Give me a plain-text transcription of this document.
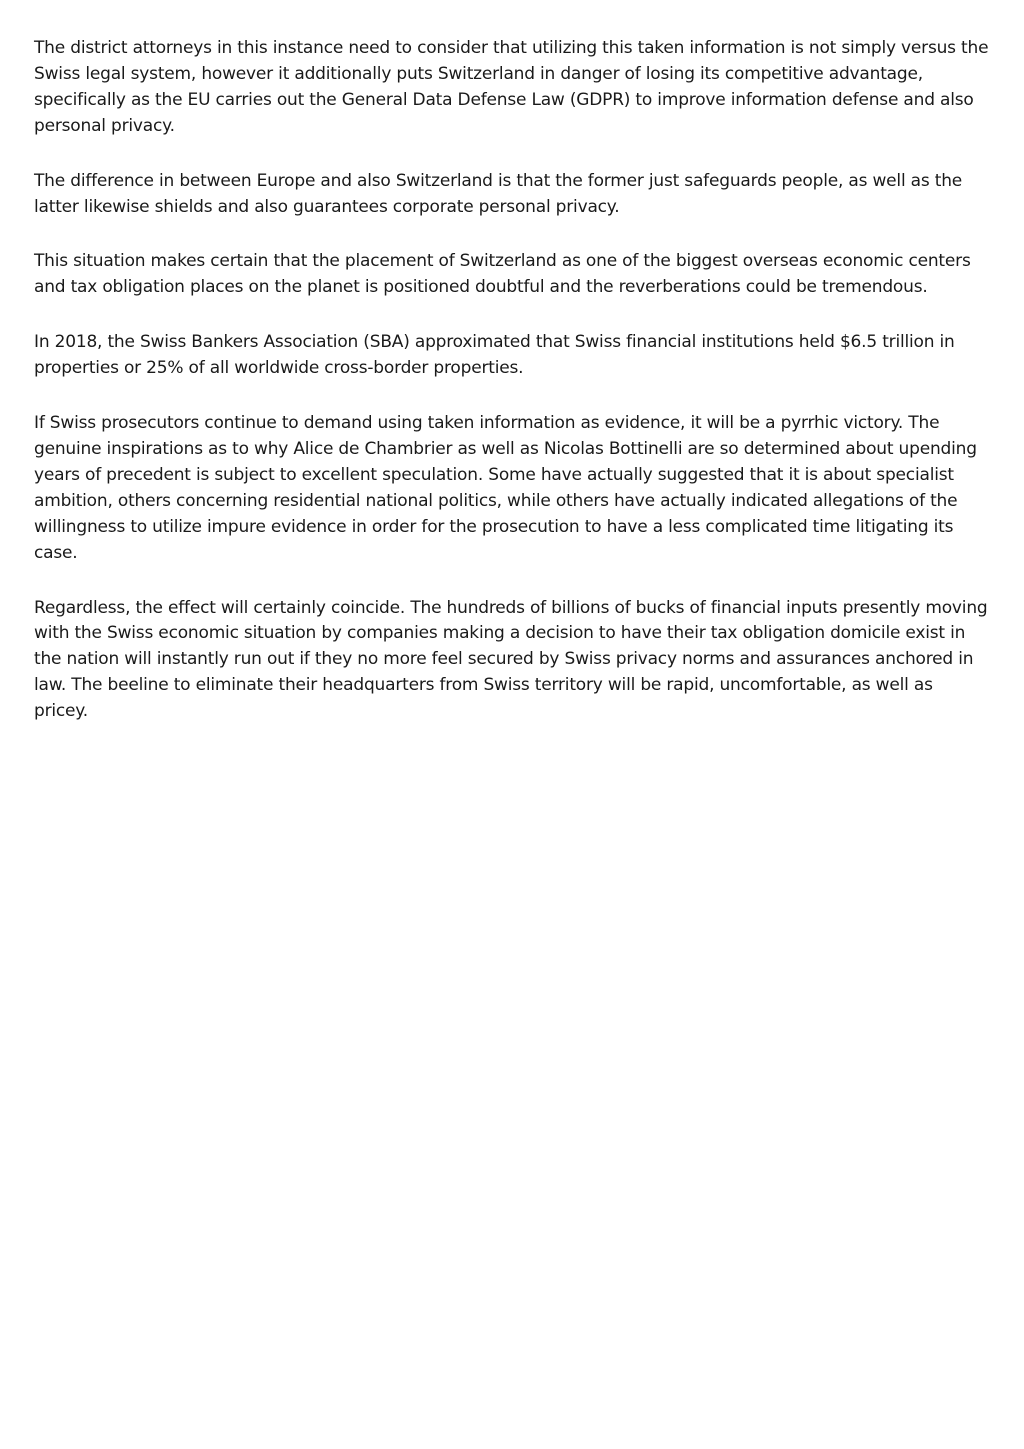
The district attorneys in this instance need to consider that utilizing this taken information is not simply versus the Swiss legal system, however it additionally puts Switzerland in danger of losing its competitive advantage, specifically as the EU carries out the General Data Defense Law (GDPR) to improve information defense and also personal privacy.

The difference in between Europe and also Switzerland is that the former just safeguards people, as well as the latter likewise shields and also guarantees corporate personal privacy.

This situation makes certain that the placement of Switzerland as one of the biggest overseas economic centers and tax obligation places on the planet is positioned doubtful and the reverberations could be tremendous.

In 2018, the Swiss Bankers Association (SBA) approximated that Swiss financial institutions held $6.5 trillion in properties or 25% of all worldwide cross-border properties.

If Swiss prosecutors continue to demand using taken information as evidence, it will be a pyrrhic victory. The genuine inspirations as to why Alice de Chambrier as well as Nicolas Bottinelli are so determined about upending years of precedent is subject to excellent speculation. Some have actually suggested that it is about specialist ambition, others concerning residential national politics, while others have actually indicated allegations of the willingness to utilize impure evidence in order for the prosecution to have a less complicated time litigating its case.

Regardless, the effect will certainly coincide. The hundreds of billions of bucks of financial inputs presently moving with the Swiss economic situation by companies making a decision to have their tax obligation domicile exist in the nation will instantly run out if they no more feel secured by Swiss privacy norms and assurances anchored in law. The beeline to eliminate their headquarters from Swiss territory will be rapid, uncomfortable, as well as pricey.
